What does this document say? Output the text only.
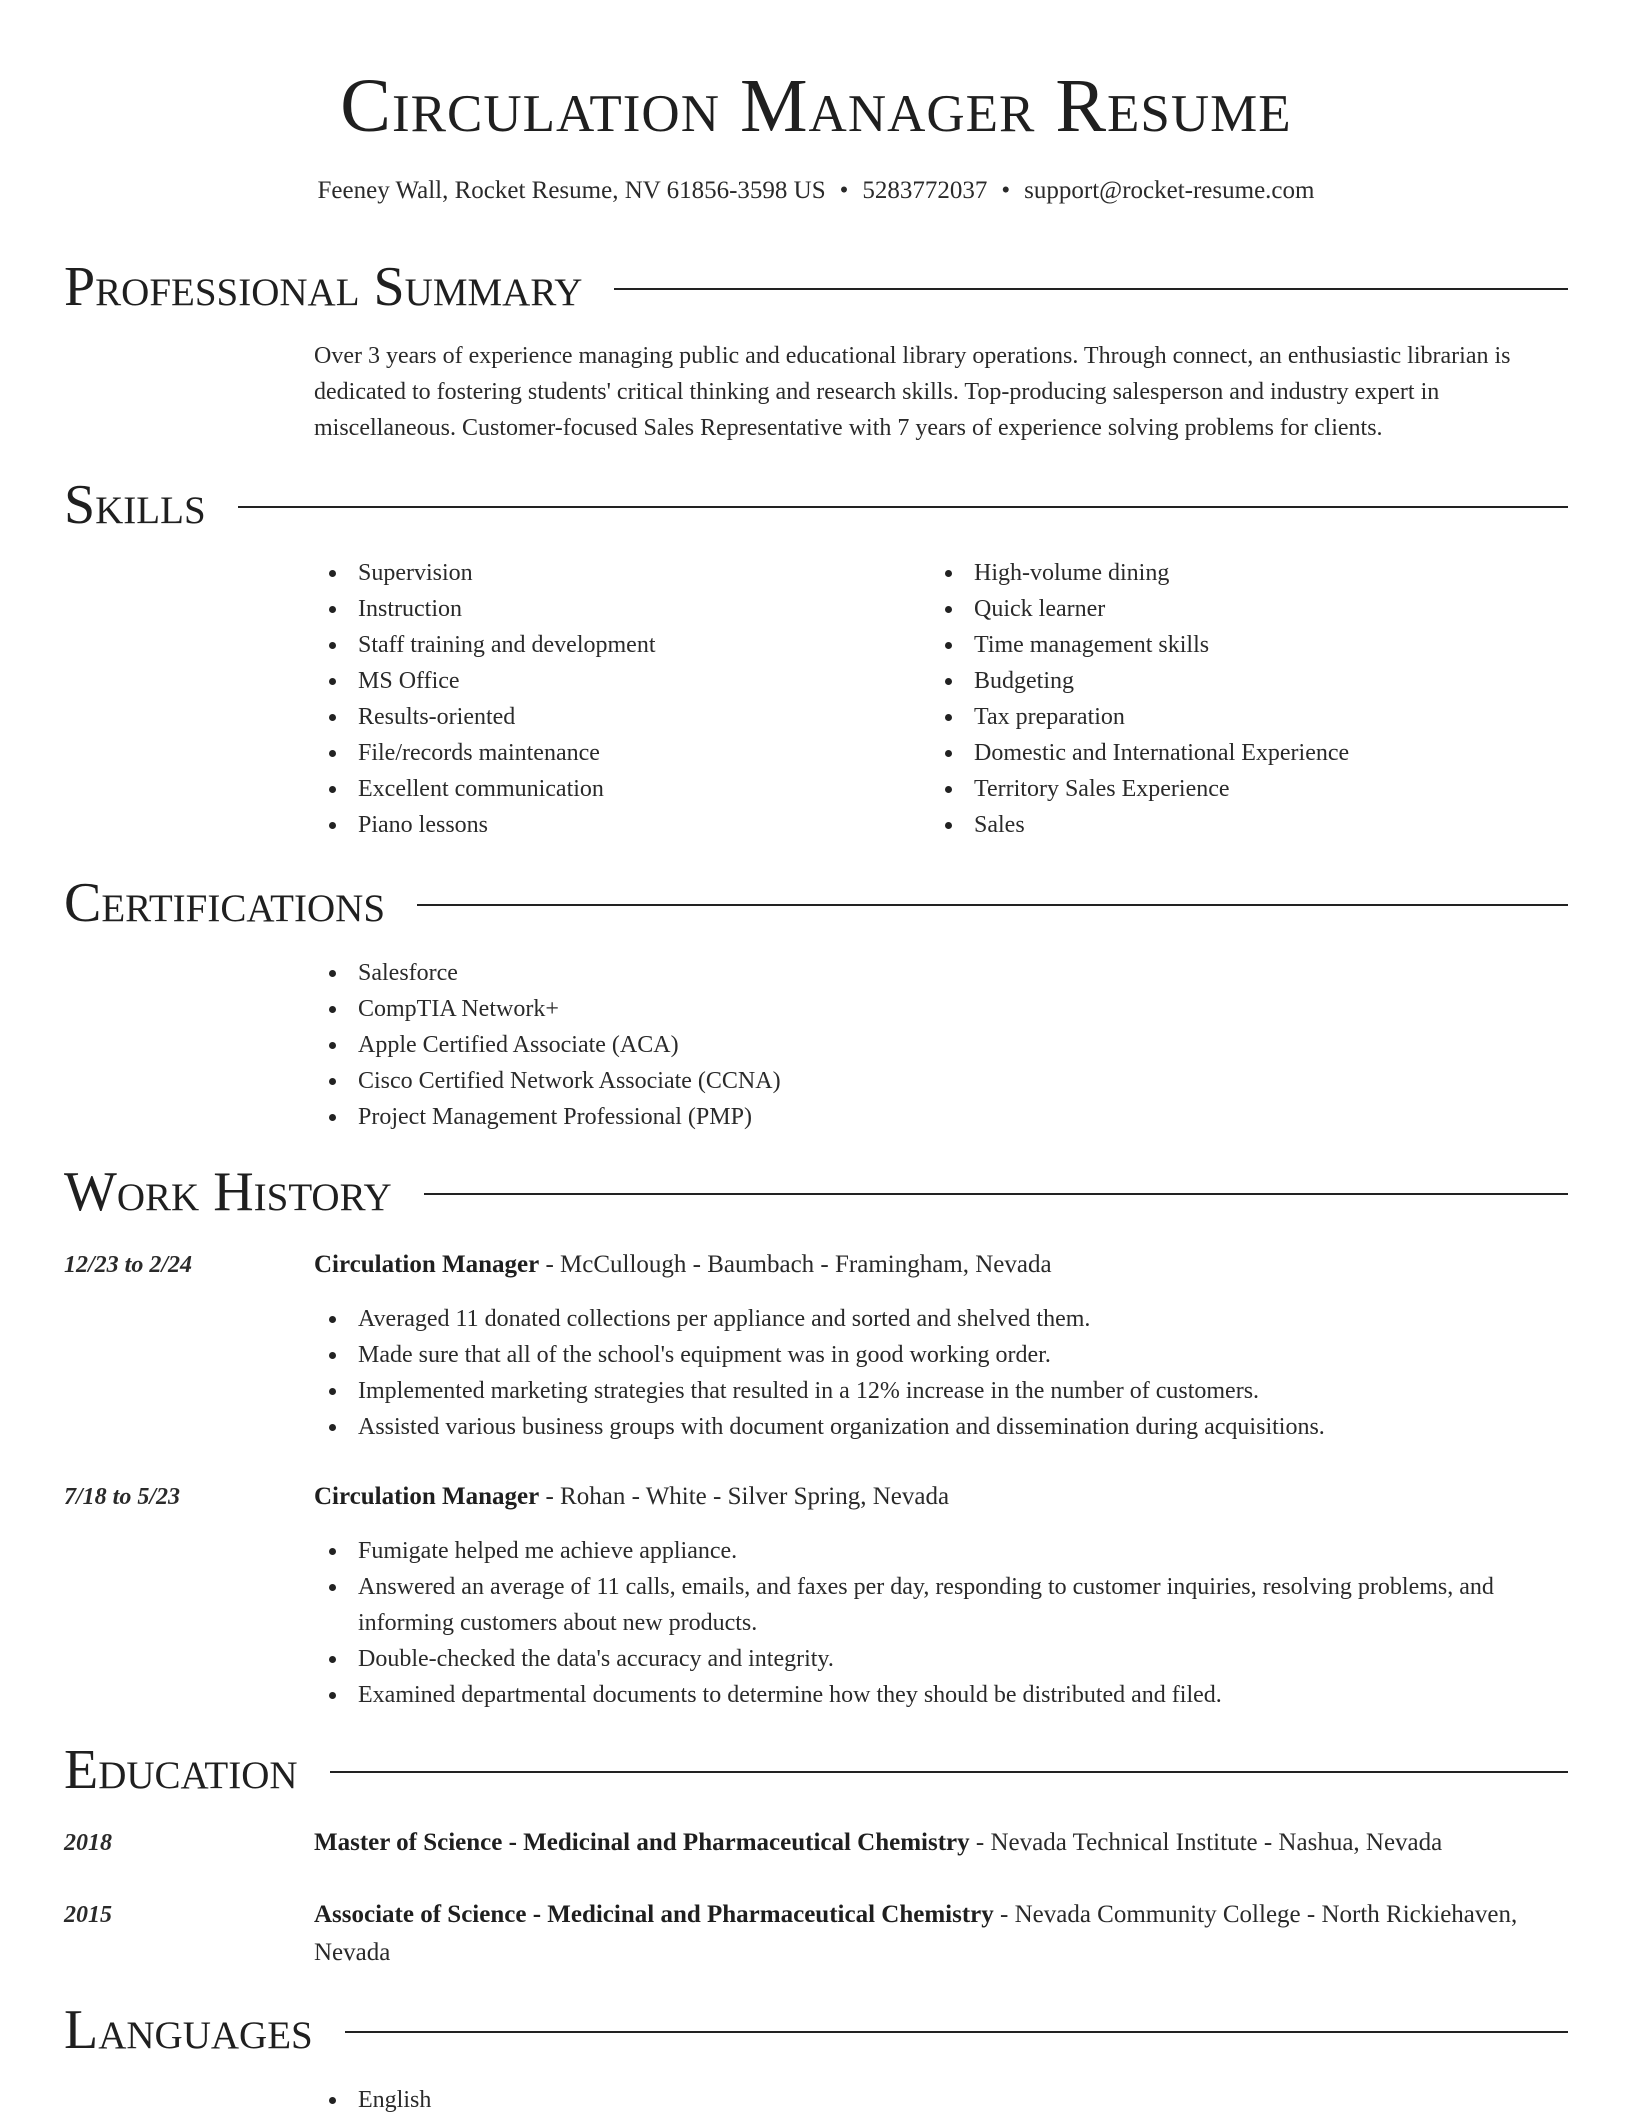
Circulation Manager Resume
Feeney Wall, Rocket Resume, NV 61856-3598 US • 5283772037 • support@rocket-resume.com
Professional Summary
Over 3 years of experience managing public and educational library operations. Through connect, an enthusiastic librarian is dedicated to fostering students' critical thinking and research skills. Top-producing salesperson and industry expert in miscellaneous. Customer-focused Sales Representative with 7 years of experience solving problems for clients.
Skills
Supervision
Instruction
Staff training and development
MS Office
Results-oriented
File/records maintenance
Excellent communication
Piano lessons
High-volume dining
Quick learner
Time management skills
Budgeting
Tax preparation
Domestic and International Experience
Territory Sales Experience
Sales
Certifications
Salesforce
CompTIA Network+
Apple Certified Associate (ACA)
Cisco Certified Network Associate (CCNA)
Project Management Professional (PMP)
Work History
12/23 to 2/24	Circulation Manager - McCullough - Baumbach - Framingham, Nevada
Averaged 11 donated collections per appliance and sorted and shelved them.
Made sure that all of the school's equipment was in good working order.
Implemented marketing strategies that resulted in a 12% increase in the number of customers.
Assisted various business groups with document organization and dissemination during acquisitions.
7/18 to 5/23	Circulation Manager - Rohan - White - Silver Spring, Nevada
Fumigate helped me achieve appliance.
Answered an average of 11 calls, emails, and faxes per day, responding to customer inquiries, resolving problems, and informing customers about new products.
Double-checked the data's accuracy and integrity.
Examined departmental documents to determine how they should be distributed and filed.
Education
2018	Master of Science - Medicinal and Pharmaceutical Chemistry - Nevada Technical Institute - Nashua, Nevada
2015	Associate of Science - Medicinal and Pharmaceutical Chemistry - Nevada Community College - North Rickiehaven, Nevada
Languages
English
